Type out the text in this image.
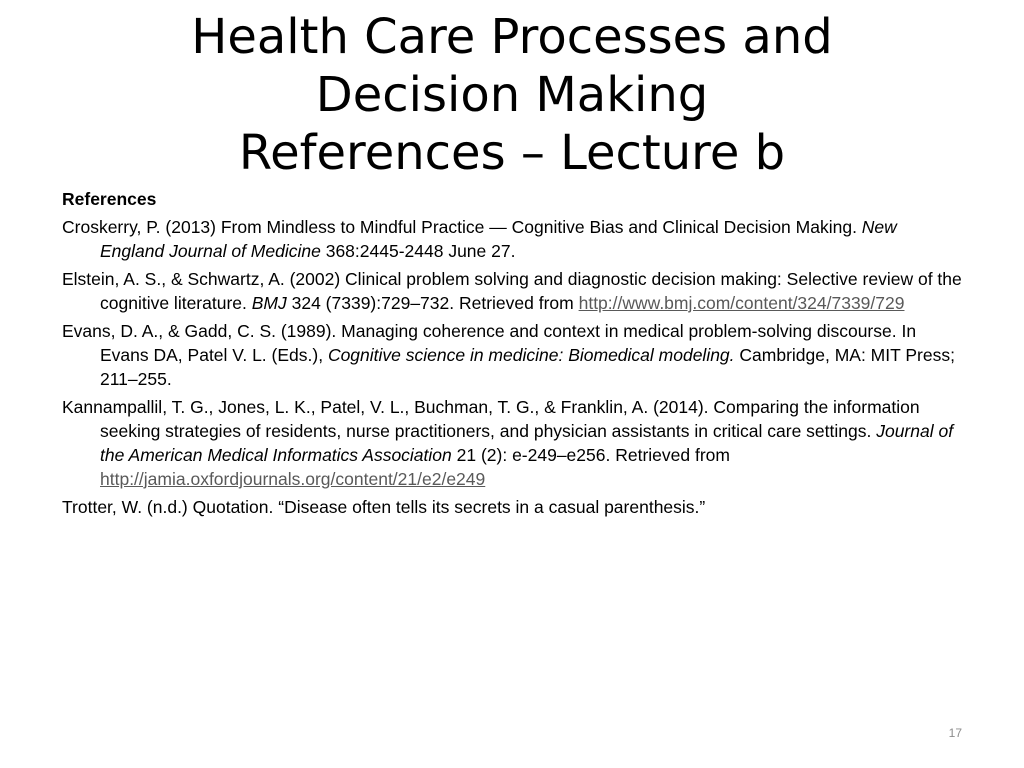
Health Care Processes and
Decision Making
References – Lecture b
References
Croskerry, P. (2013) From Mindless to Mindful Practice — Cognitive Bias and Clinical Decision Making. New England Journal of Medicine 368:2445-2448 June 27.
Elstein, A. S., & Schwartz, A. (2002) Clinical problem solving and diagnostic decision making: Selective review of the cognitive literature. BMJ 324 (7339):729–732. Retrieved from http://www.bmj.com/content/324/7339/729
Evans, D. A., & Gadd, C. S. (1989). Managing coherence and context in medical problem-solving discourse. In Evans DA, Patel V. L. (Eds.), Cognitive science in medicine: Biomedical modeling. Cambridge, MA: MIT Press; 211–255.
Kannampallil, T. G., Jones, L. K., Patel, V. L., Buchman, T. G., & Franklin, A. (2014). Comparing the information seeking strategies of residents, nurse practitioners, and physician assistants in critical care settings. Journal of the American Medical Informatics Association 21 (2): e-249–e256. Retrieved from http://jamia.oxfordjournals.org/content/21/e2/e249
Trotter, W. (n.d.) Quotation. “Disease often tells its secrets in a casual parenthesis.”
17
